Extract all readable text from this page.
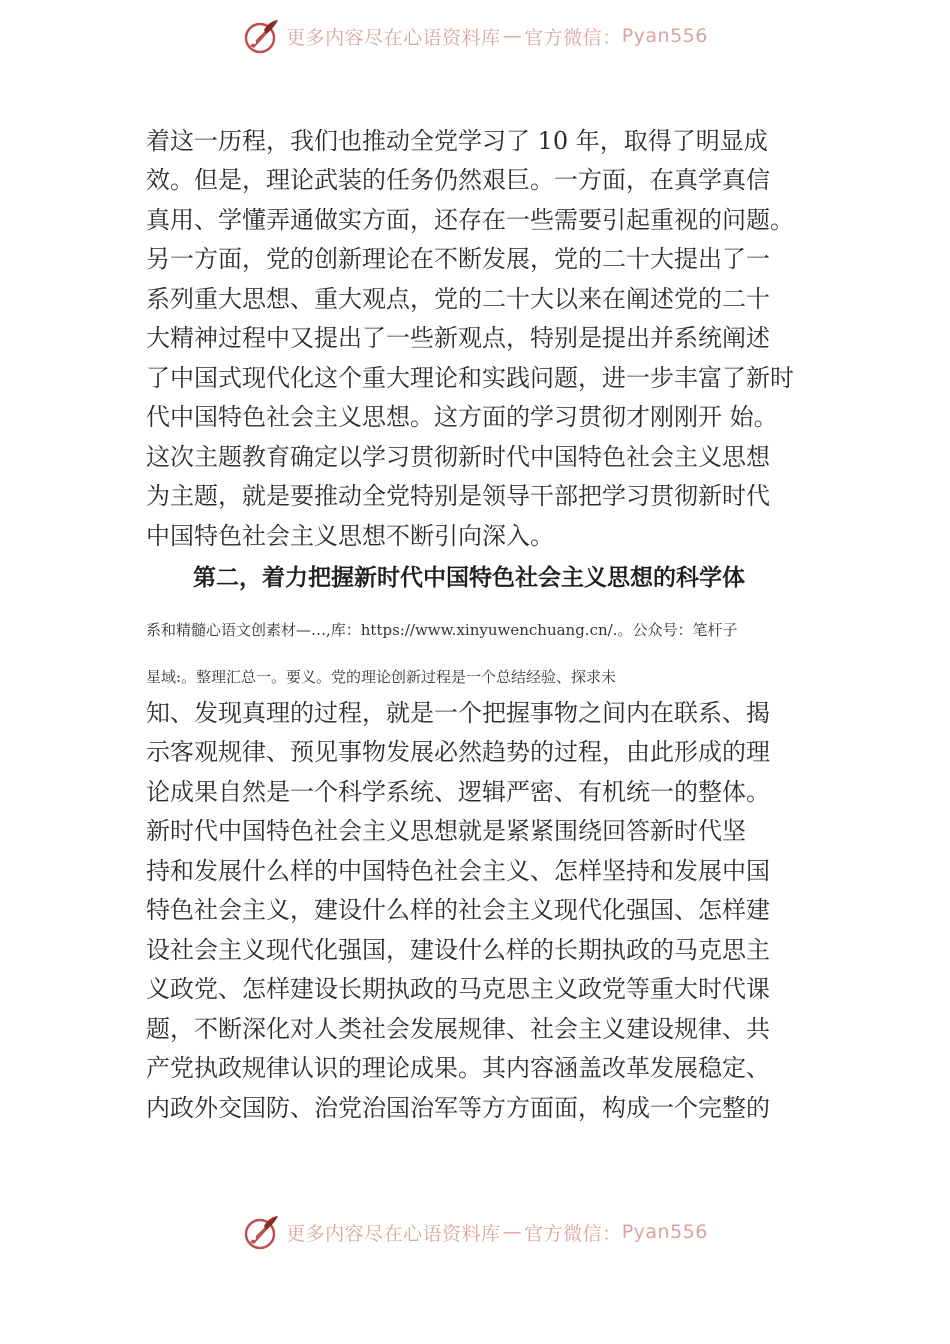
更多内容尽在心语资料库 — 官方微信： Pyan556
着这一历程，我们也推动全党学习了 10 年，取得了明显成
效。但是，理论武装的任务仍然艰巨。一方面，在真学真信
真用、学懂弄通做实方面，还存在一些需要引起重视的问题。
另一方面，党的创新理论在不断发展，党的二十大提出了一
系列重大思想、重大观点，党的二十大以来在阐述党的二十
大精神过程中又提出了一些新观点，特别是提出并系统阐述
了中国式现代化这个重大理论和实践问题，进一步丰富了新时
代中国特色社会主义思想。这方面的学习贯彻才刚刚开 始。
这次主题教育确定以学习贯彻新时代中国特色社会主义思想
为主题，就是要推动全党特别是领导干部把学习贯彻新时代
中国特色社会主义思想不断引向深入。
第二，着力把握新时代中国特色社会主义思想的科学体
系和精髓心语文创素材—…,库：https://www.xinyuwenchuang.cn/.。公众号：笔杆子
星域:。整理汇总一。要义。党的理论创新过程是一个总结经验、探求未
知、发现真理的过程，就是一个把握事物之间内在联系、揭
示客观规律、预见事物发展必然趋势的过程，由此形成的理
论成果自然是一个科学系统、逻辑严密、有机统一的整体。
新时代中国特色社会主义思想就是紧紧围绕回答新时代坚
持和发展什么样的中国特色社会主义、怎样坚持和发展中国
特色社会主义，建设什么样的社会主义现代化强国、怎样建
设社会主义现代化强国，建设什么样的长期执政的马克思主
义政党、怎样建设长期执政的马克思主义政党等重大时代课
题，不断深化对人类社会发展规律、社会主义建设规律、共
产党执政规律认识的理论成果。其内容涵盖改革发展稳定、
内政外交国防、治党治国治军等方方面面，构成一个完整的
更多内容尽在心语资料库 — 官方微信： Pyan556
